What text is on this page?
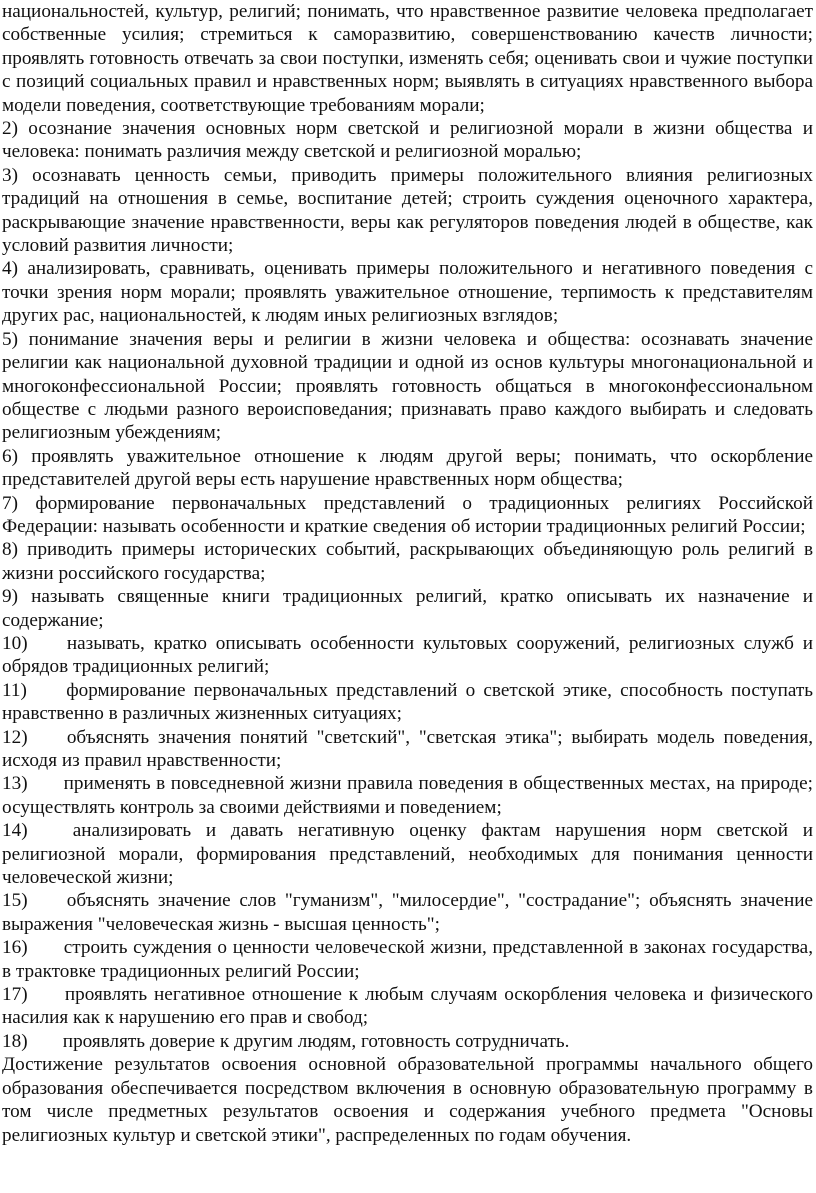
национальностей, культур, религий; понимать, что нравственное развитие человека предполагает собственные усилия; стремиться к саморазвитию, совершенствованию качеств личности; проявлять готовность отвечать за свои поступки, изменять себя; оценивать свои и чужие поступки с позиций социальных правил и нравственных норм; выявлять в ситуациях нравственного выбора модели поведения, соответствующие требованиям морали;

2) осознание значения основных норм светской и религиозной морали в жизни общества и человека: понимать различия между светской и религиозной моралью;

3) осознавать ценность семьи, приводить примеры положительного влияния религиозных традиций на отношения в семье, воспитание детей; строить суждения оценочного характера, раскрывающие значение нравственности, веры как регуляторов поведения людей в обществе, как условий развития личности;

4) анализировать, сравнивать, оценивать примеры положительного и негативного поведения с точки зрения норм морали; проявлять уважительное отношение, терпимость к представителям других рас, национальностей, к людям иных религиозных взглядов;

5) понимание значения веры и религии в жизни человека и общества: осознавать значение религии как национальной духовной традиции и одной из основ культуры многонациональной и многоконфессиональной России; проявлять готовность общаться в многоконфессиональном обществе с людьми разного вероисповедания; признавать право каждого выбирать и следовать религиозным убеждениям;

6) проявлять уважительное отношение к людям другой веры; понимать, что оскорбление представителей другой веры есть нарушение нравственных норм общества;

7) формирование первоначальных представлений о традиционных религиях Российской Федерации: называть особенности и краткие сведения об истории традиционных религий России;

8) приводить примеры исторических событий, раскрывающих объединяющую роль религий в жизни российского государства;

9) называть священные книги традиционных религий, кратко описывать их назначение и содержание;

10) называть, кратко описывать особенности культовых сооружений, религиозных служб и обрядов традиционных религий;

11) формирование первоначальных представлений о светской этике, способность поступать нравственно в различных жизненных ситуациях;

12) объяснять значения понятий "светский", "светская этика"; выбирать модель поведения, исходя из правил нравственности;

13) применять в повседневной жизни правила поведения в общественных местах, на природе; осуществлять контроль за своими действиями и поведением;

14) анализировать и давать негативную оценку фактам нарушения норм светской и религиозной морали, формирования представлений, необходимых для понимания ценности человеческой жизни;

15) объяснять значение слов "гуманизм", "милосердие", "сострадание"; объяснять значение выражения "человеческая жизнь - высшая ценность";

16) строить суждения о ценности человеческой жизни, представленной в законах государства, в трактовке традиционных религий России;

17) проявлять негативное отношение к любым случаям оскорбления человека и физического насилия как к нарушению его прав и свобод;

18) проявлять доверие к другим людям, готовность сотрудничать.

Достижение результатов освоения основной образовательной программы начального общего образования обеспечивается посредством включения в основную образовательную программу в том числе предметных результатов освоения и содержания учебного предмета "Основы религиозных культур и светской этики", распределенных по годам обучения.
